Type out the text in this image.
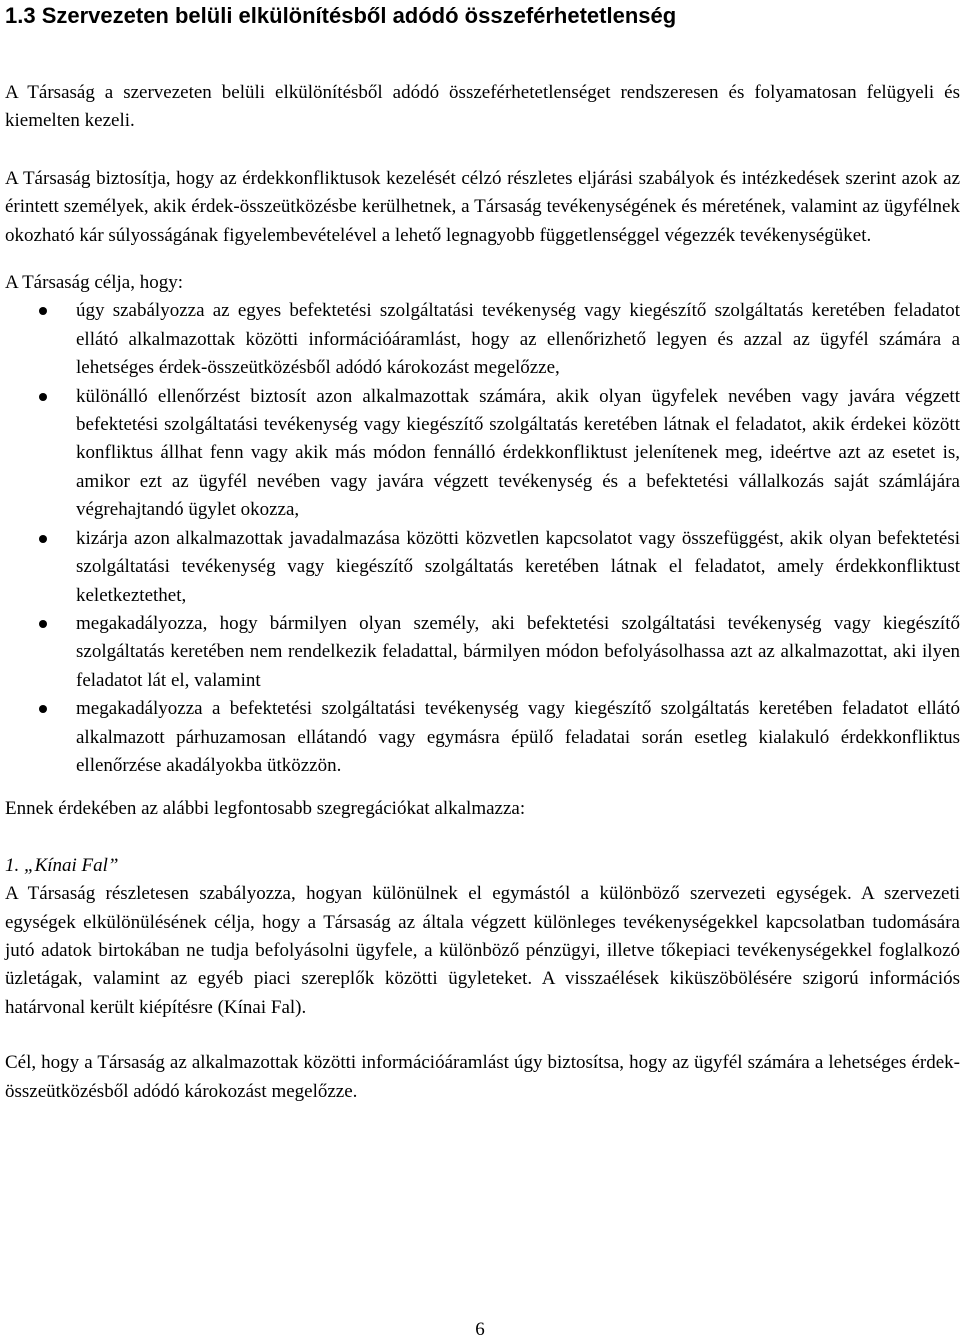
1.3 Szervezeten belüli elkülönítésből adódó összeférhetetlenség

A Társaság a szervezeten belüli elkülönítésből adódó összeférhetetlenséget rendszeresen és folyamatosan felügyeli és kiemelten kezeli.

A Társaság biztosítja, hogy az érdekkonfliktusok kezelését célzó részletes eljárási szabályok és intézkedések szerint azok az érintett személyek, akik érdek-összeütközésbe kerülhetnek, a Társaság tevékenységének és méretének, valamint az ügyfélnek okozható kár súlyosságának figyelembevételével a lehető legnagyobb függetlenséggel végezzék tevékenységüket.

A Társaság célja, hogy:

úgy szabályozza az egyes befektetési szolgáltatási tevékenység vagy kiegészítő szolgáltatás keretében feladatot ellátó alkalmazottak közötti információáramlást, hogy az ellenőrizhető legyen és azzal az ügyfél számára a lehetséges érdek-összeütközésből adódó károkozást megelőzze,
különálló ellenőrzést biztosít azon alkalmazottak számára, akik olyan ügyfelek nevében vagy javára végzett befektetési szolgáltatási tevékenység vagy kiegészítő szolgáltatás keretében látnak el feladatot, akik érdekei között konfliktus állhat fenn vagy akik más módon fennálló érdekkonfliktust jelenítenek meg, ideértve azt az esetet is, amikor ezt az ügyfél nevében vagy javára végzett tevékenység és a befektetési vállalkozás saját számlájára végrehajtandó ügylet okozza,
kizárja azon alkalmazottak javadalmazása közötti közvetlen kapcsolatot vagy összefüggést, akik olyan befektetési szolgáltatási tevékenység vagy kiegészítő szolgáltatás keretében látnak el feladatot, amely érdekkonfliktust keletkeztethet,
megakadályozza, hogy bármilyen olyan személy, aki befektetési szolgáltatási tevékenység vagy kiegészítő szolgáltatás keretében nem rendelkezik feladattal, bármilyen módon befolyásolhassa azt az alkalmazottat, aki ilyen feladatot lát el, valamint
megakadályozza a befektetési szolgáltatási tevékenység vagy kiegészítő szolgáltatás keretében feladatot ellátó alkalmazott párhuzamosan ellátandó vagy egymásra épülő feladatai során esetleg kialakuló érdekkonfliktus ellenőrzése akadályokba ütközzön.

Ennek érdekében az alábbi legfontosabb szegregációkat alkalmazza:

1. „Kínai Fal”

A Társaság részletesen szabályozza, hogyan különülnek el egymástól a különböző szervezeti egységek. A szervezeti egységek elkülönülésének célja, hogy a Társaság az általa végzett különleges tevékenységekkel kapcsolatban tudomására jutó adatok birtokában ne tudja befolyásolni ügyfele, a különböző pénzügyi, illetve tőkepiaci tevékenységekkel foglalkozó üzletágak, valamint az egyéb piaci szereplők közötti ügyleteket. A visszaélések kiküszöbölésére szigorú információs határvonal került kiépítésre (Kínai Fal).

Cél, hogy a Társaság az alkalmazottak közötti információáramlást úgy biztosítsa, hogy az ügyfél számára a lehetséges érdek-összeütközésből adódó károkozást megelőzze.

6
